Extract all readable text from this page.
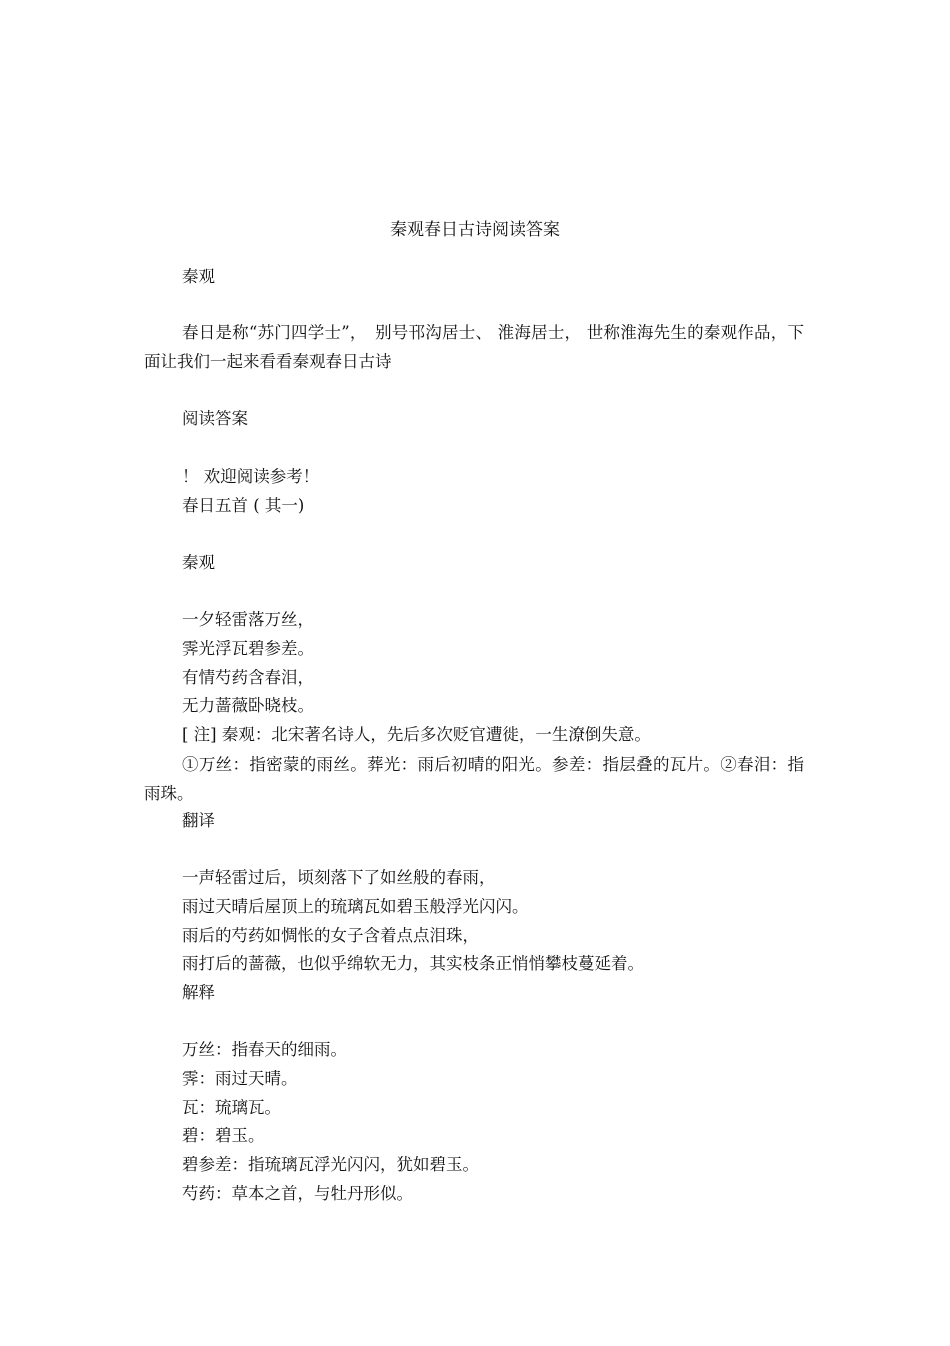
秦观春日古诗阅读答案
秦观
春日是称“苏门四学士”，　别号邗沟居士、 淮海居士， 世称淮海先生的秦观作品，下面让我们一起来看看秦观春日古诗
阅读答案
！ 欢迎阅读参考！
春日五首 ( 其一)
秦观
一夕轻雷落万丝，
霁光浮瓦碧参差。
有情芍药含春泪，
无力蔷薇卧晓枝。
[ 注] 秦观：北宋著名诗人，先后多次贬官遭徙，一生潦倒失意。
①万丝：指密蒙的雨丝。葬光：雨后初晴的阳光。参差：指层叠的瓦片。②春泪：指雨珠。
翻译
一声轻雷过后，顷刻落下了如丝般的春雨，
雨过天晴后屋顶上的琉璃瓦如碧玉般浮光闪闪。
雨后的芍药如惆怅的女子含着点点泪珠，
雨打后的蔷薇，也似乎绵软无力，其实枝条正悄悄攀枝蔓延着。
解释
万丝：指春天的细雨。
霁：雨过天晴。
瓦：琉璃瓦。
碧：碧玉。
碧参差：指琉璃瓦浮光闪闪，犹如碧玉。
芍药：草本之首，与牡丹形似。
